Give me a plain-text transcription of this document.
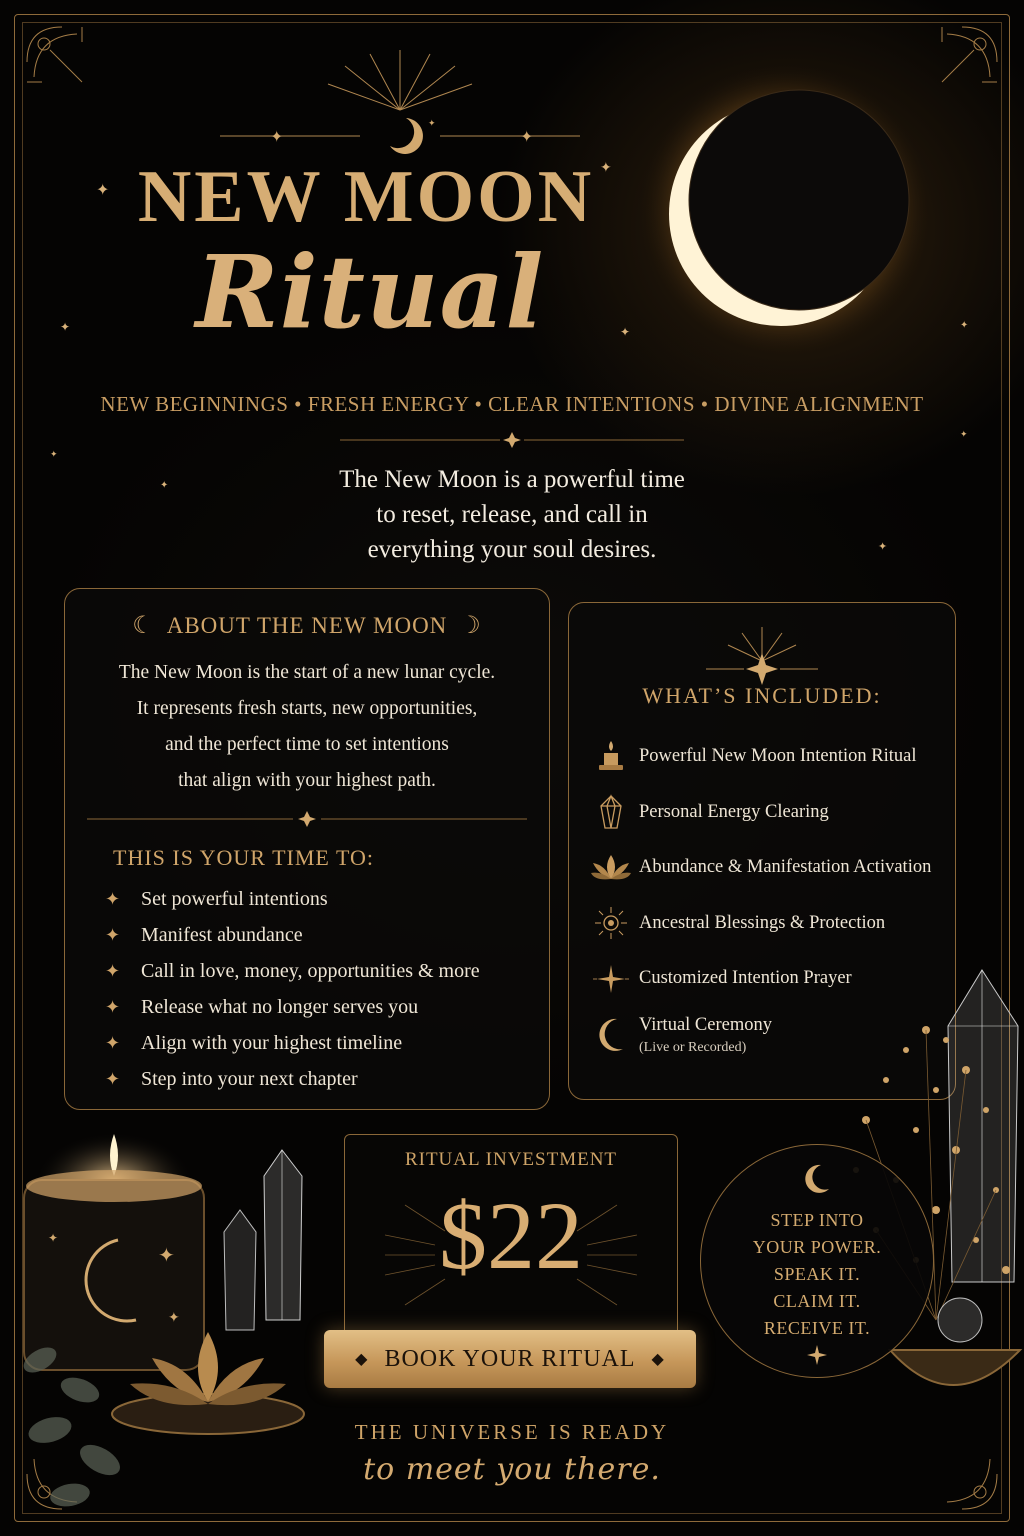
✦
✦
✦
✦
✦
✦
✦
✦
✦
✦	✦
✦
NEW MOON
Ritual
NEW BEGINNINGS • FRESH ENERGY • CLEAR INTENTIONS • DIVINE ALIGNMENT
The New Moon is a powerful time
to reset, release, and call in
everything your soul desires.
☾ ABOUT THE NEW MOON ☽
The New Moon is the start of a new lunar cycle.
It represents fresh starts, new opportunities,
and the perfect time to set intentions
that align with your highest path.
THIS IS YOUR TIME TO:
✦	Set powerful intentions
✦	Manifest abundance
✦	Call in love, money, opportunities & more
✦	Release what no longer serves you
✦	Align with your highest timeline
✦	Step into your next chapter
WHAT’S INCLUDED:
Powerful New Moon Intention Ritual
Personal Energy Clearing
Abundance & Manifestation Activation
Ancestral Blessings & Protection
Customized Intention Prayer
Virtual Ceremony
(Live or Recorded)
✦
✦
✦
RITUAL INVESTMENT
$22
◆ BOOK YOUR RITUAL ◆
STEP INTO
YOUR POWER.
SPEAK IT.
CLAIM IT.
RECEIVE IT.
THE UNIVERSE IS READY
to meet you there.
